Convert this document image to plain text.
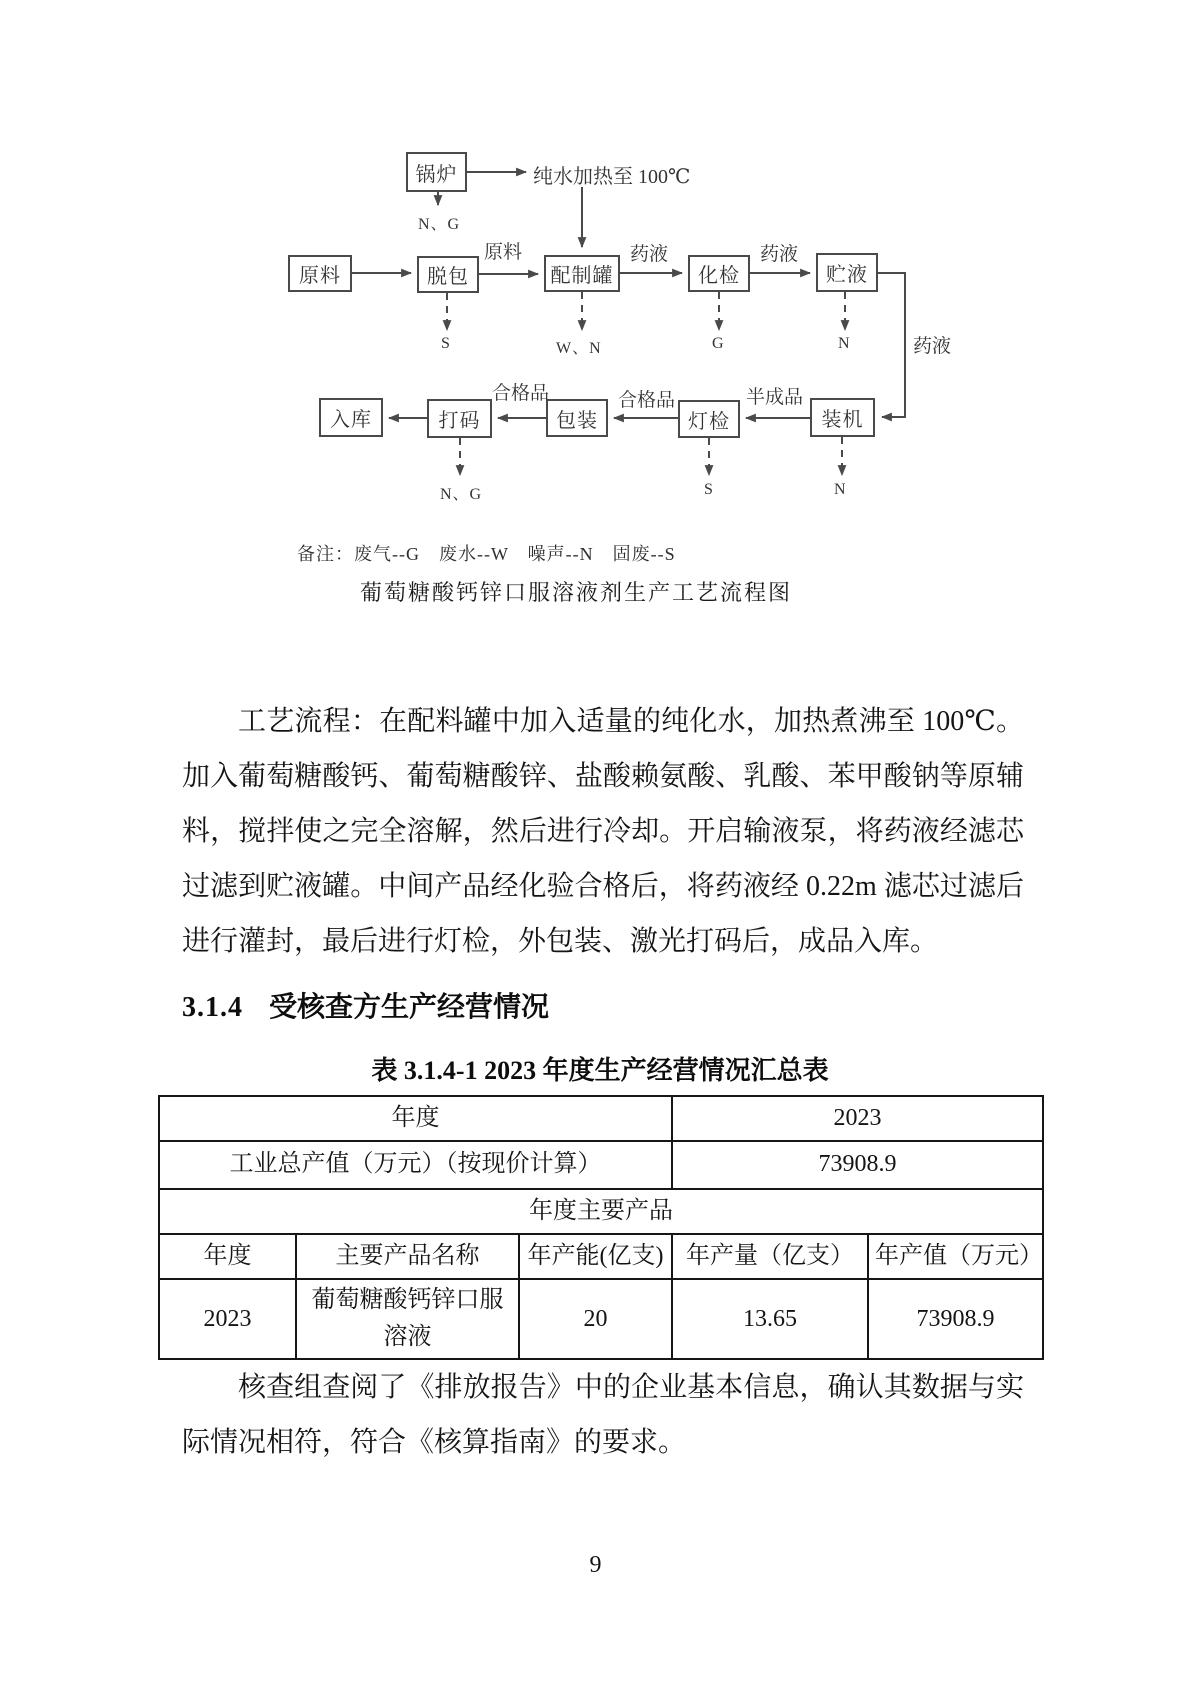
锅炉
原料	脱包	配制罐	化检	贮液
入库	打码	包装	灯检	装机
纯水加热至 100℃
原料	药液	药液
药液
半成品
合格品
合格品
N、G
S	W、N	G	N
N、G	S	N
备注：废气--G　废水--W　噪声--N　固废--S
葡萄糖酸钙锌口服溶液剂生产工艺流程图
工艺流程：在配料罐中加入适量的纯化水，加热煮沸至 100℃。加入葡萄糖酸钙、葡萄糖酸锌、盐酸赖氨酸、乳酸、苯甲酸钠等原辅料，搅拌使之完全溶解，然后进行冷却。开启输液泵，将药液经滤芯过滤到贮液罐。中间产品经化验合格后，将药液经 0.22m 滤芯过滤后进行灌封，最后进行灯检，外包装、激光打码后，成品入库。
3.1.4 受核查方生产经营情况
表 3.1.4-1 2023 年度生产经营情况汇总表
年度			2023	
工业总产值（万元）（按现价计算）			73908.9	
年度主要产品				
年度	主要产品名称	年产能(亿支)	年产量（亿支）	年产值（万元）
2023	葡萄糖酸钙锌口服溶液	20	13.65	73908.9
核查组查阅了《排放报告》中的企业基本信息，确认其数据与实际情况相符，符合《核算指南》的要求。
9
